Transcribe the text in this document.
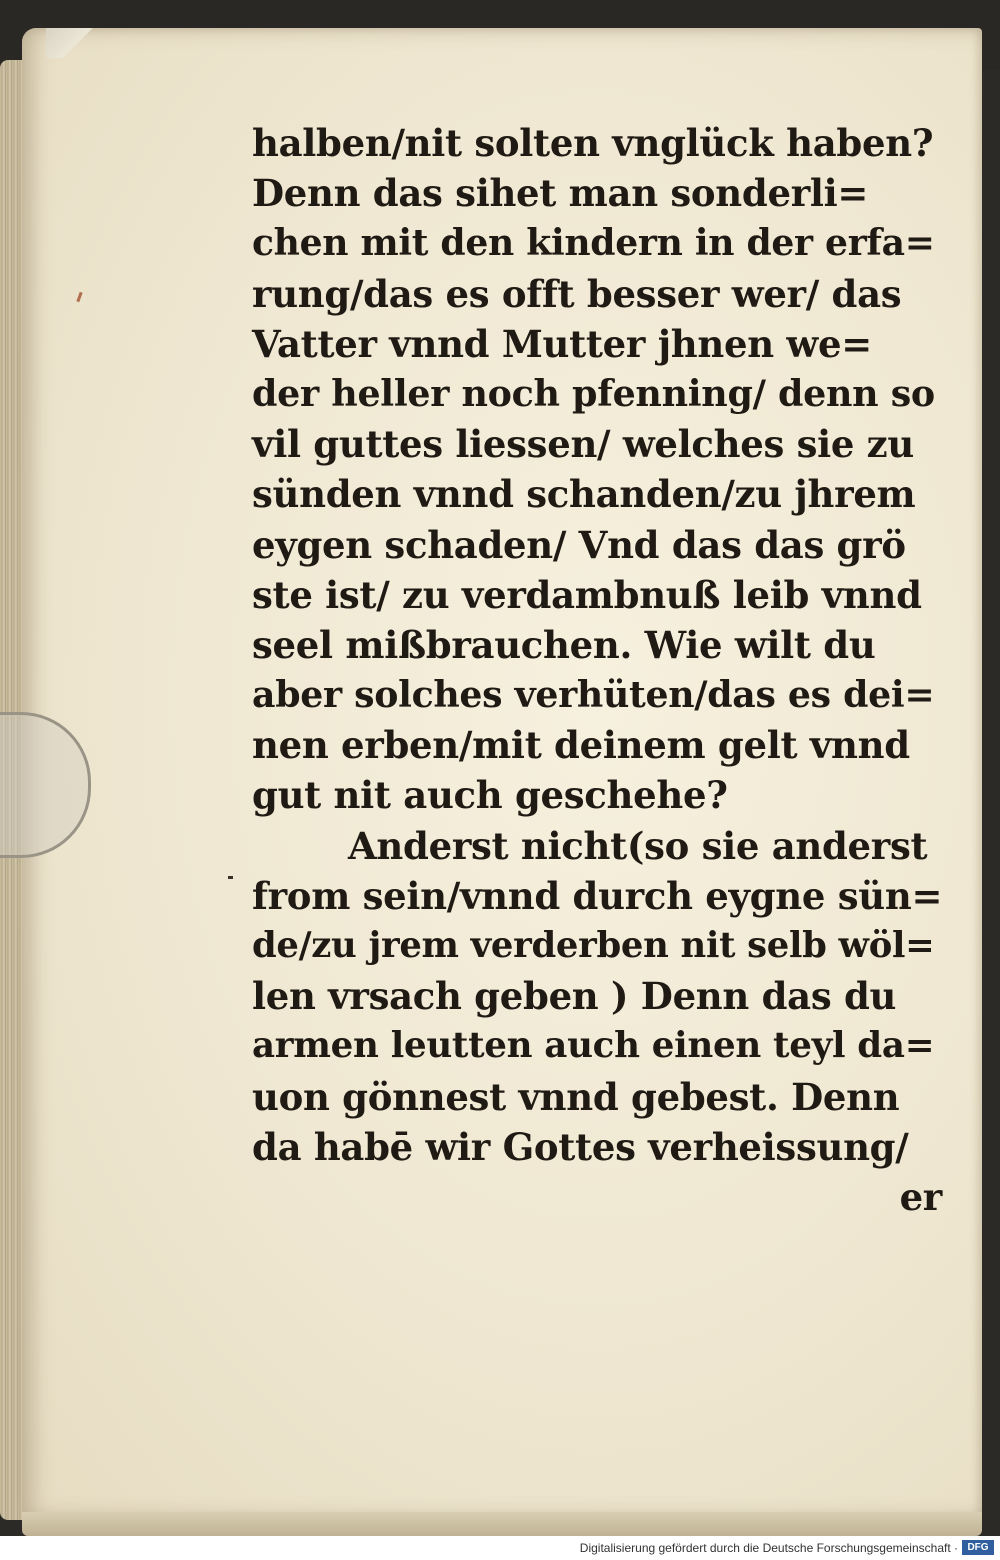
halben/nit solten vnglück haben?
Denn das sihet man sonderli=
chen mit den kindern in der erfa=
rung/das es offt besser wer/ das
Vatter vnnd Mutter jhnen we=
der heller noch pfenning/ denn so
vil guttes liessen/ welches sie zu
sünden vnnd schanden/zu jhrem
eygen schaden/ Vnd das das grö
ste ist/ zu verdambnuß leib vnnd
seel mißbrauchen. Wie wilt du
aber solches verhüten/das es dei=
nen erben/mit deinem gelt vnnd
gut nit auch geschehe?
Anderst nicht(so sie anderst
from sein/vnnd durch eygne sün=
de/zu jrem verderben nit selb wöl=
len vrsach geben ) Denn das du
armen leutten auch einen teyl da=
uon gönnest vnnd gebest. Denn
da habē wir Gottes verheissung/
er
Digitalisierung gefördert durch die Deutsche Forschungsgemeinschaft · DFG
